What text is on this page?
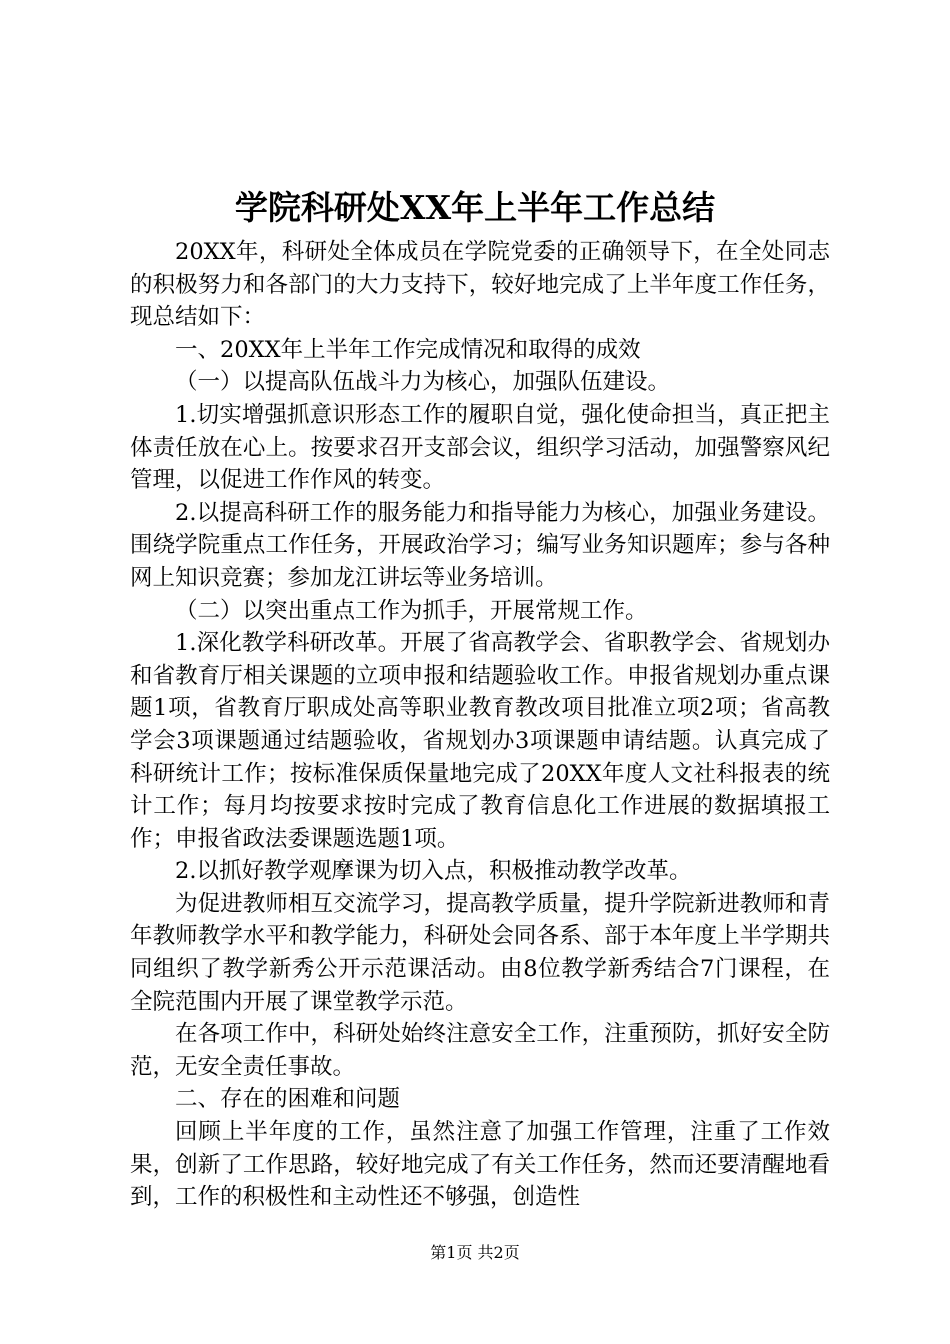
学院科研处XX年上半年工作总结

20XX年，科研处全体成员在学院党委的正确领导下，在全处同志的积极努力和各部门的大力支持下，较好地完成了上半年度工作任务，现总结如下：

一、20XX年上半年工作完成情况和取得的成效

（一）以提高队伍战斗力为核心，加强队伍建设。

1.切实增强抓意识形态工作的履职自觉，强化使命担当，真正把主体责任放在心上。按要求召开支部会议，组织学习活动，加强警察风纪管理，以促进工作作风的转变。

2.以提高科研工作的服务能力和指导能力为核心，加强业务建设。围绕学院重点工作任务，开展政治学习；编写业务知识题库；参与各种网上知识竞赛；参加龙江讲坛等业务培训。

（二）以突出重点工作为抓手，开展常规工作。

1.深化教学科研改革。开展了省高教学会、省职教学会、省规划办和省教育厅相关课题的立项申报和结题验收工作。申报省规划办重点课题1项，省教育厅职成处高等职业教育教改项目批准立项2项；省高教学会3项课题通过结题验收，省规划办3项课题申请结题。认真完成了科研统计工作；按标准保质保量地完成了20XX年度人文社科报表的统计工作；每月均按要求按时完成了教育信息化工作进展的数据填报工作；申报省政法委课题选题1项。

2.以抓好教学观摩课为切入点，积极推动教学改革。

为促进教师相互交流学习，提高教学质量，提升学院新进教师和青年教师教学水平和教学能力，科研处会同各系、部于本年度上半学期共同组织了教学新秀公开示范课活动。由8位教学新秀结合7门课程，在全院范围内开展了课堂教学示范。

在各项工作中，科研处始终注意安全工作，注重预防，抓好安全防范，无安全责任事故。

二、存在的困难和问题

回顾上半年度的工作，虽然注意了加强工作管理，注重了工作效果，创新了工作思路，较好地完成了有关工作任务，然而还要清醒地看到，工作的积极性和主动性还不够强，创造性

第1页 共2页
